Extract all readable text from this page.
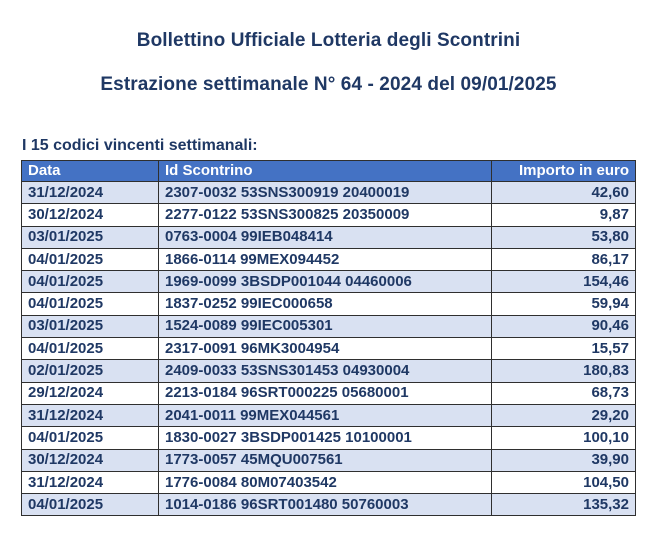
Bollettino Ufficiale Lotteria degli Scontrini
Estrazione settimanale N° 64 - 2024 del 09/01/2025
I 15 codici vincenti settimanali:
Data	Id Scontrino	Importo in euro
31/12/2024	2307-0032 53SNS300919 20400019	42,60
30/12/2024	2277-0122 53SNS300825 20350009	9,87
03/01/2025	0763-0004 99IEB048414	53,80
04/01/2025	1866-0114 99MEX094452	86,17
04/01/2025	1969-0099 3BSDP001044 04460006	154,46
04/01/2025	1837-0252 99IEC000658	59,94
03/01/2025	1524-0089 99IEC005301	90,46
04/01/2025	2317-0091 96MK3004954	15,57
02/01/2025	2409-0033 53SNS301453 04930004	180,83
29/12/2024	2213-0184 96SRT000225 05680001	68,73
31/12/2024	2041-0011 99MEX044561	29,20
04/01/2025	1830-0027 3BSDP001425 10100001	100,10
30/12/2024	1773-0057 45MQU007561	39,90
31/12/2024	1776-0084 80M07403542	104,50
04/01/2025	1014-0186 96SRT001480 50760003	135,32
